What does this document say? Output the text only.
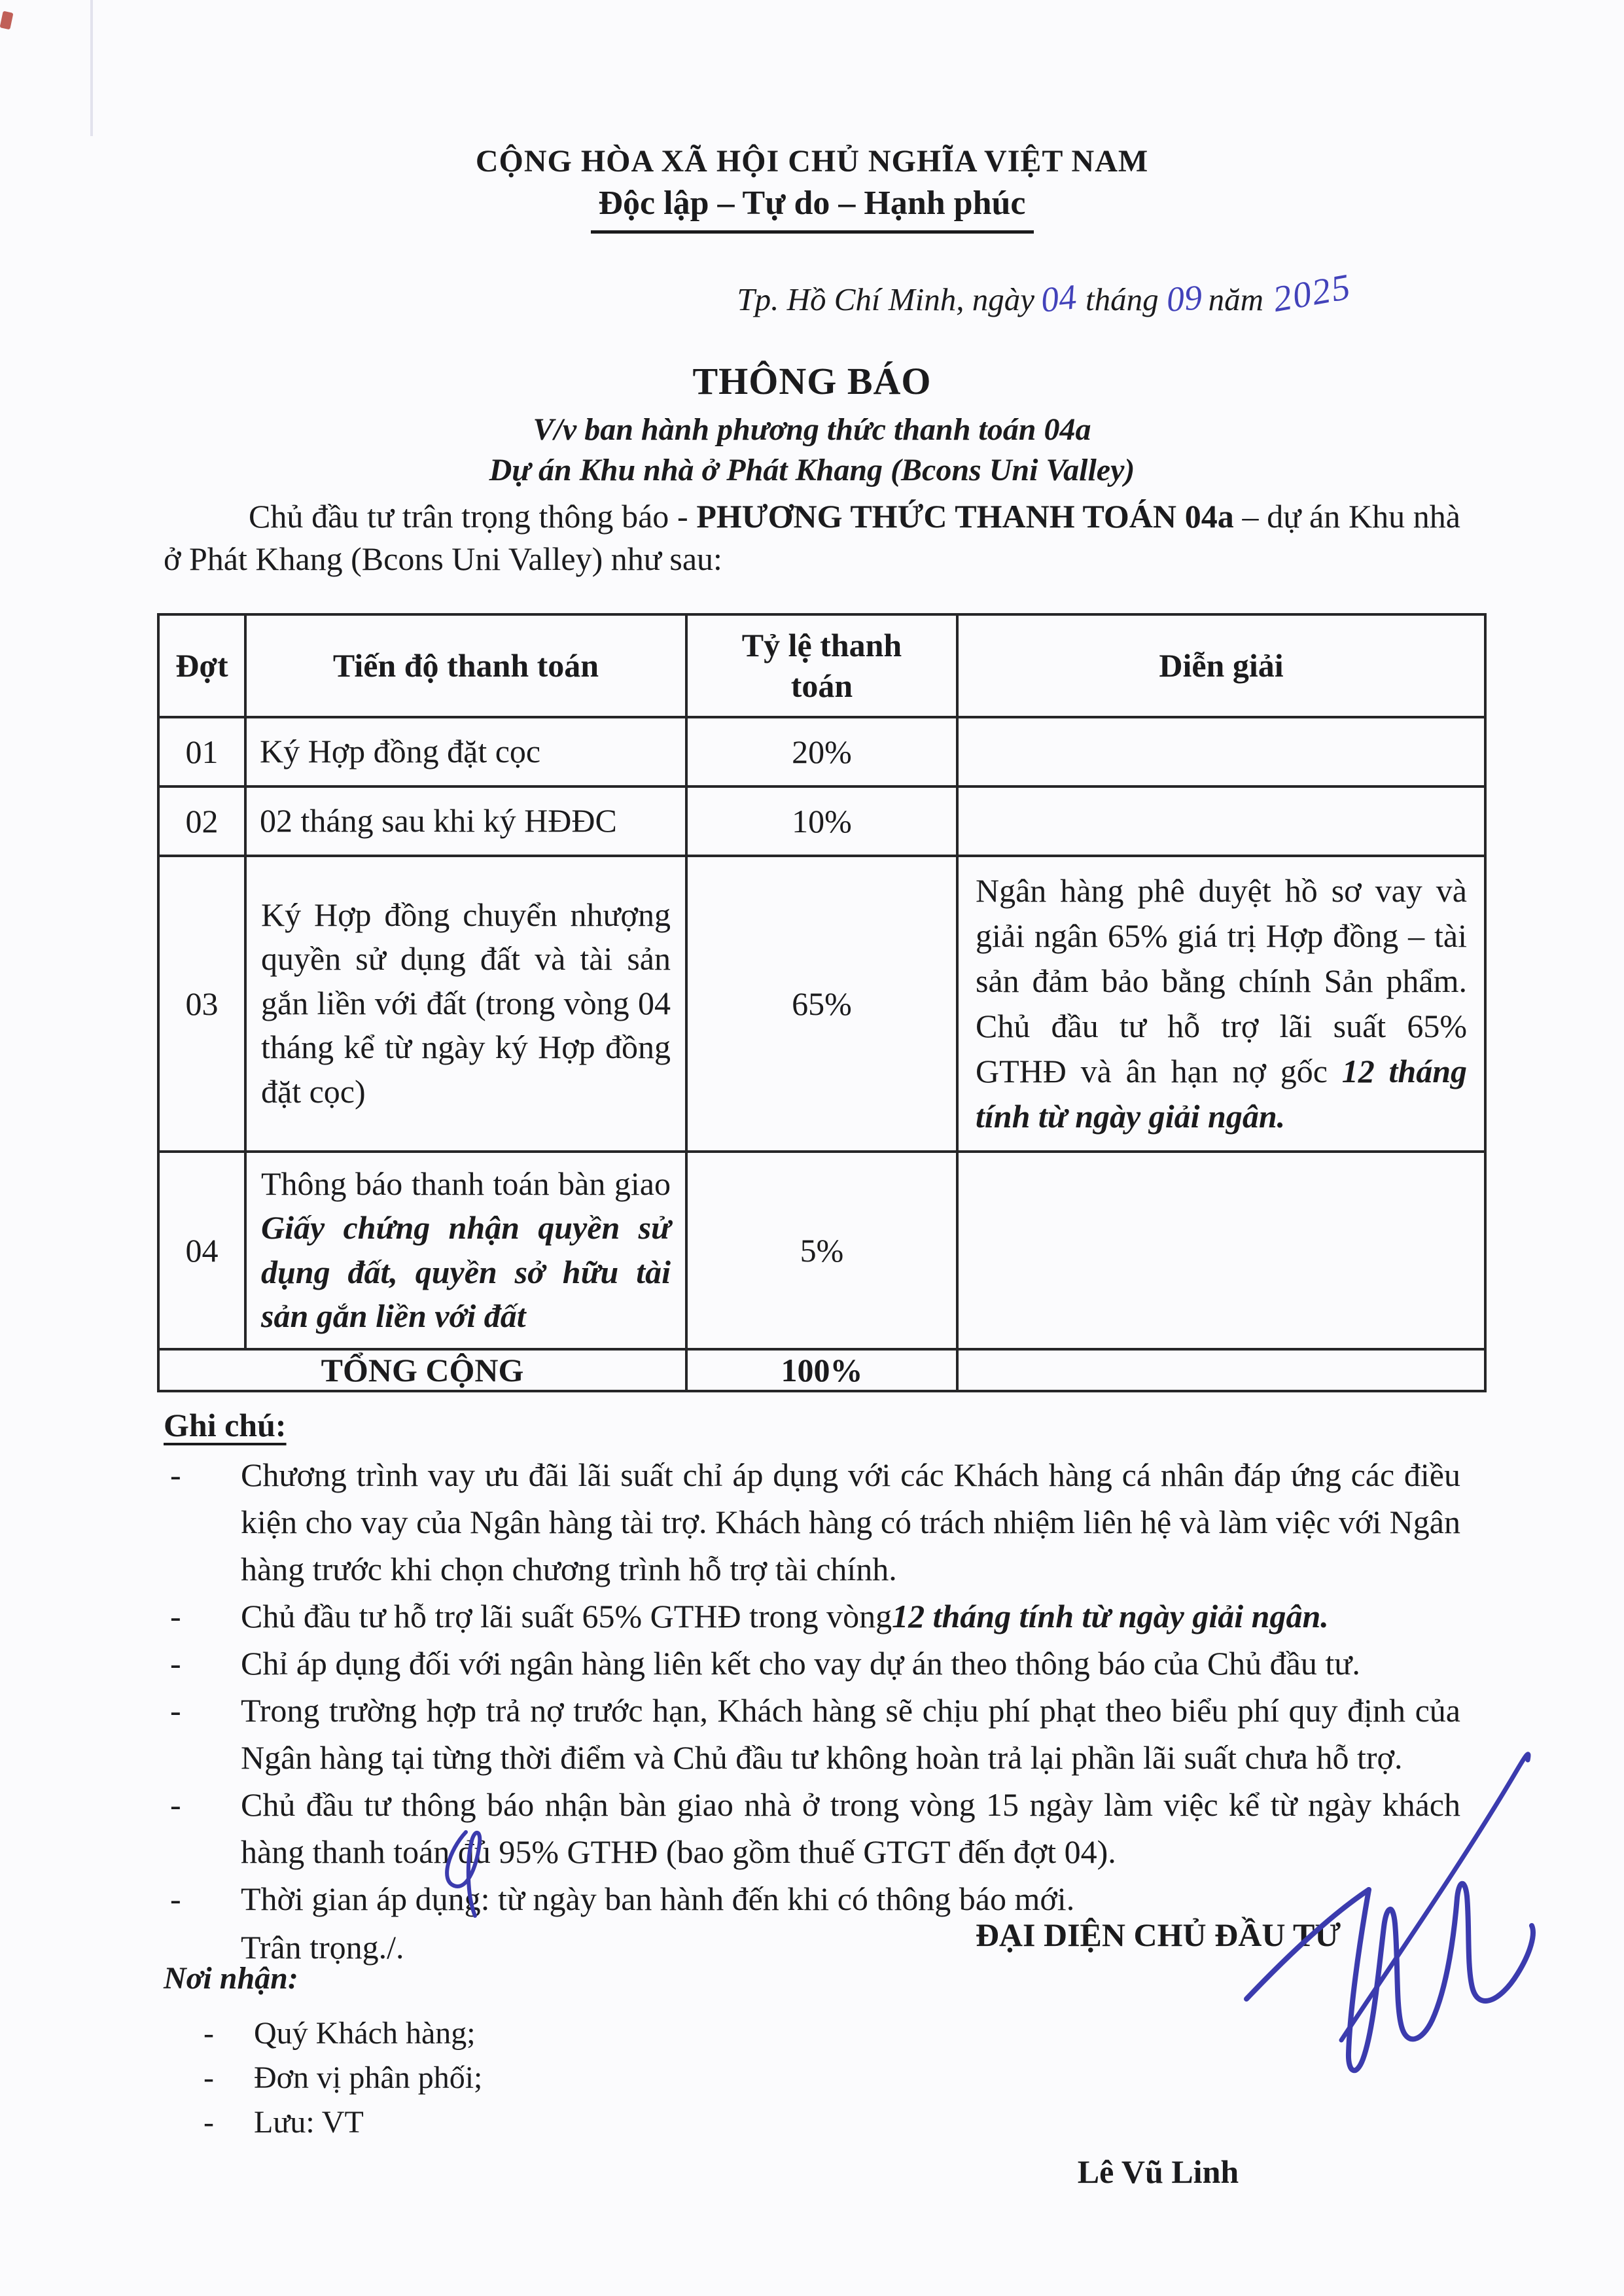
CỘNG HÒA XÃ HỘI CHỦ NGHĨA VIỆT NAM
Độc lập – Tự do – Hạnh phúc
Tp. Hồ Chí Minh, ngày 04 tháng 09 năm 2025
THÔNG BÁO
V/v ban hành phương thức thanh toán 04a
Dự án Khu nhà ở Phát Khang (Bcons Uni Valley)

Chủ đầu tư trân trọng thông báo - PHƯƠNG THỨC THANH TOÁN 04a – dự án Khu nhà ở Phát Khang (Bcons Uni Valley) như sau:

Đợt	Tiến độ thanh toán	Tỷ lệ thanh toán	Diễn giải
01	Ký Hợp đồng đặt cọc	20%	
02	02 tháng sau khi ký HĐĐC	10%	
03	Ký Hợp đồng chuyển nhượng quyền sử dụng đất và tài sản gắn liền với đất (trong vòng 04 tháng kể từ ngày ký Hợp đồng đặt cọc)	65%	Ngân hàng phê duyệt hồ sơ vay và giải ngân 65% giá trị Hợp đồng – tài sản đảm bảo bằng chính Sản phẩm. Chủ đầu tư hỗ trợ lãi suất 65% GTHĐ và ân hạn nợ gốc 12 tháng tính từ ngày giải ngân.
04	Thông báo thanh toán bàn giao Giấy chứng nhận quyền sử dụng đất, quyền sở hữu tài sản gắn liền với đất	5%	
TỔNG CỘNG		100%	
Ghi chú:
- Chương trình vay ưu đãi lãi suất chỉ áp dụng với các Khách hàng cá nhân đáp ứng các điều kiện cho vay của Ngân hàng tài trợ. Khách hàng có trách nhiệm liên hệ và làm việc với Ngân hàng trước khi chọn chương trình hỗ trợ tài chính.
- Chủ đầu tư hỗ trợ lãi suất 65% GTHĐ trong vòng12 tháng tính từ ngày giải ngân.
- Chỉ áp dụng đối với ngân hàng liên kết cho vay dự án theo thông báo của Chủ đầu tư.
- Trong trường hợp trả nợ trước hạn, Khách hàng sẽ chịu phí phạt theo biểu phí quy định của Ngân hàng tại từng thời điểm và Chủ đầu tư không hoàn trả lại phần lãi suất chưa hỗ trợ.
- Chủ đầu tư thông báo nhận bàn giao nhà ở trong vòng 15 ngày làm việc kể từ ngày khách hàng thanh toán đủ 95% GTHĐ (bao gồm thuế GTGT đến đợt 04).
- Thời gian áp dụng: từ ngày ban hành đến khi có thông báo mới.
Trân trọng./.	ĐẠI DIỆN CHỦ ĐẦU TƯ
Lê Vũ Linh
Nơi nhận:
- Quý Khách hàng;
- Đơn vị phân phối;
- Lưu: VT
